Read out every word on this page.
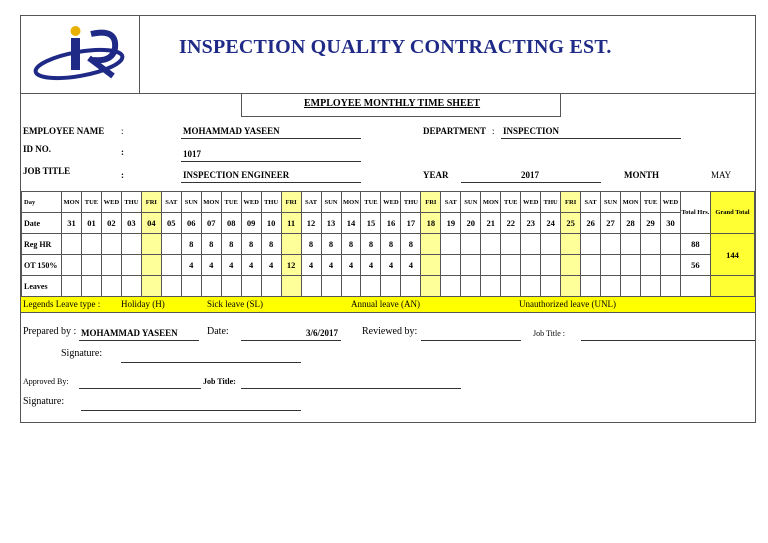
INSPECTION QUALITY CONTRACTING EST.
EMPLOYEE MONTHLY TIME SHEET
EMPLOYEE NAME :	MOHAMMAD YASEEN	DEPARTMENT : INSPECTION
ID NO.	:	1017
JOB TITLE	:	INSPECTION ENGINEER	YEAR	2017	MONTH	MAY
Day	MON	TUE	WED	THU	FRI	SAT	SUN	MON	TUE	WED	THU	FRI	SAT	SUN	MON	TUE	WED	THU	FRI	SAT	SUN	MON	TUE	WED	THU	FRI	SAT	SUN	MON	TUE	WED	Total Hrs.	Grand Total
Date	31	01	02	03	04	05	06	07	08	09	10	11	12	13	14	15	16	17	18	19	20	21	22	23	24	25	26	27	28	29	30		
Reg HR							8	8	8	8	8		8	8	8	8	8	8														88	144
OT 150%							4	4	4	4	4	12	4	4	4	4	4	4														56	
Leaves																																	
Legends Leave type : Holiday (H)	Sick leave (SL)	Annual leave (AN)	Unauthorized leave (UNL)
Prepared by : MOHAMMAD YASEEN	Date:	3/6/2017 Reviewed by:	Job Title :
Signature:
Approved By:	Job Title:
Signature:
